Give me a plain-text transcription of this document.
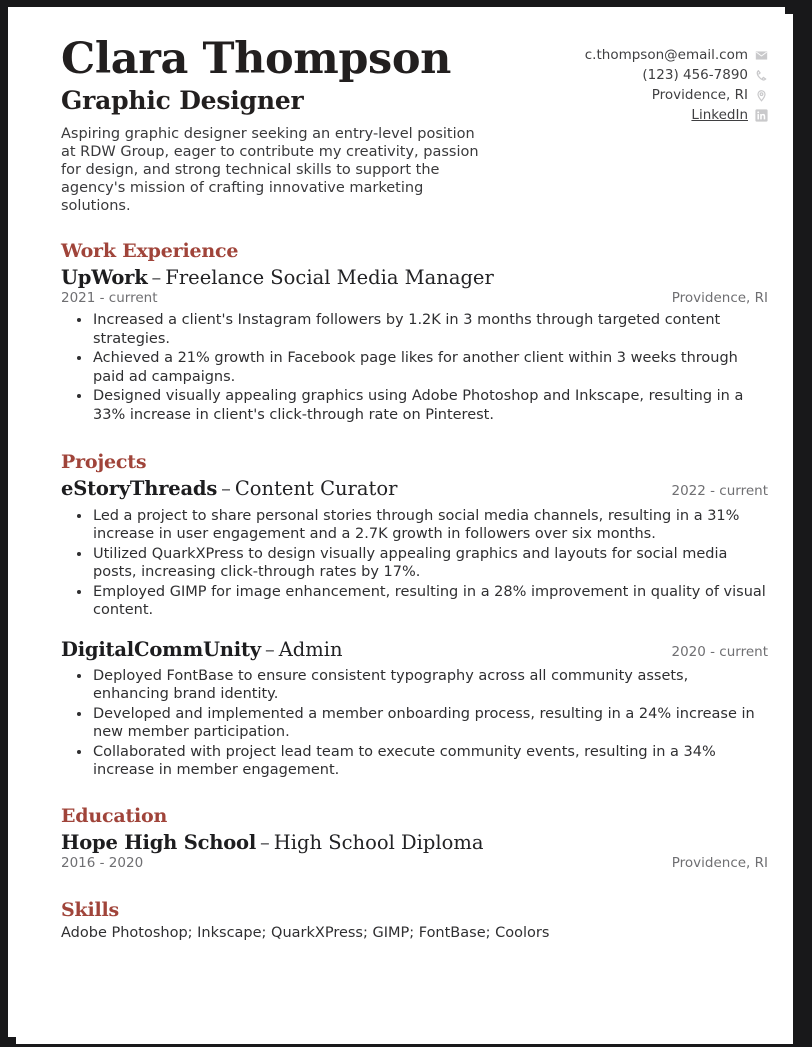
Clara Thompson
Graphic Designer

Aspiring graphic designer seeking an entry-level position at RDW Group, eager to contribute my creativity, passion for design, and strong technical skills to support the agency's mission of crafting innovative marketing solutions.

c.thompson@email.com
(123) 456-7890
Providence, RI
LinkedIn
Work Experience
UpWork – Freelance Social Media Manager
2021 - current	Providence, RI
Increased a client's Instagram followers by 1.2K in 3 months through targeted content strategies.
Achieved a 21% growth in Facebook page likes for another client within 3 weeks through paid ad campaigns.
Designed visually appealing graphics using Adobe Photoshop and Inkscape, resulting in a 33% increase in client's click-through rate on Pinterest.
Projects
eStoryThreads – Content Curator	2022 - current
Led a project to share personal stories through social media channels, resulting in a 31% increase in user engagement and a 2.7K growth in followers over six months.
Utilized QuarkXPress to design visually appealing graphics and layouts for social media posts, increasing click-through rates by 17%.
Employed GIMP for image enhancement, resulting in a 28% improvement in quality of visual content.
DigitalCommUnity – Admin	2020 - current
Deployed FontBase to ensure consistent typography across all community assets, enhancing brand identity.
Developed and implemented a member onboarding process, resulting in a 24% increase in new member participation.
Collaborated with project lead team to execute community events, resulting in a 34% increase in member engagement.
Education
Hope High School – High School Diploma
2016 - 2020	Providence, RI
Skills

Adobe Photoshop; Inkscape; QuarkXPress; GIMP; FontBase; Coolors
